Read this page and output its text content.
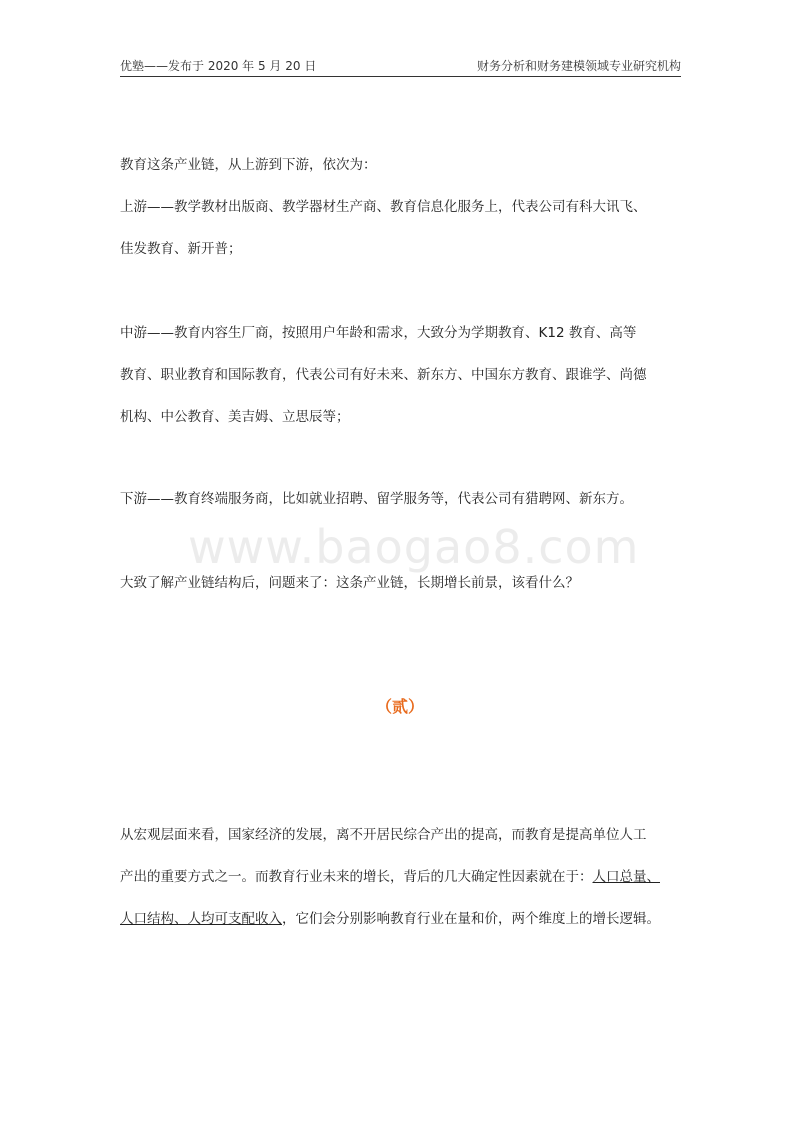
优塾——发布于 2020 年 5 月 20 日	财务分析和财务建模领域专业研究机构
www.baogao8.com
教育这条产业链，从上游到下游，依次为：
上游——教学教材出版商、教学器材生产商、教育信息化服务上，代表公司有科大讯飞、
佳发教育、新开普；
中游——教育内容生厂商，按照用户年龄和需求，大致分为学期教育、K12 教育、高等
教育、职业教育和国际教育，代表公司有好未来、新东方、中国东方教育、跟谁学、尚德
机构、中公教育、美吉姆、立思辰等；
下游——教育终端服务商，比如就业招聘、留学服务等，代表公司有猎聘网、新东方。
大致了解产业链结构后，问题来了：这条产业链，长期增长前景，该看什么？
（贰）
从宏观层面来看，国家经济的发展，离不开居民综合产出的提高，而教育是提高单位人工
产出的重要方式之一。而教育行业未来的增长，背后的几大确定性因素就在于：人口总量、
人口结构、人均可支配收入，它们会分别影响教育行业在量和价，两个维度上的增长逻辑。
